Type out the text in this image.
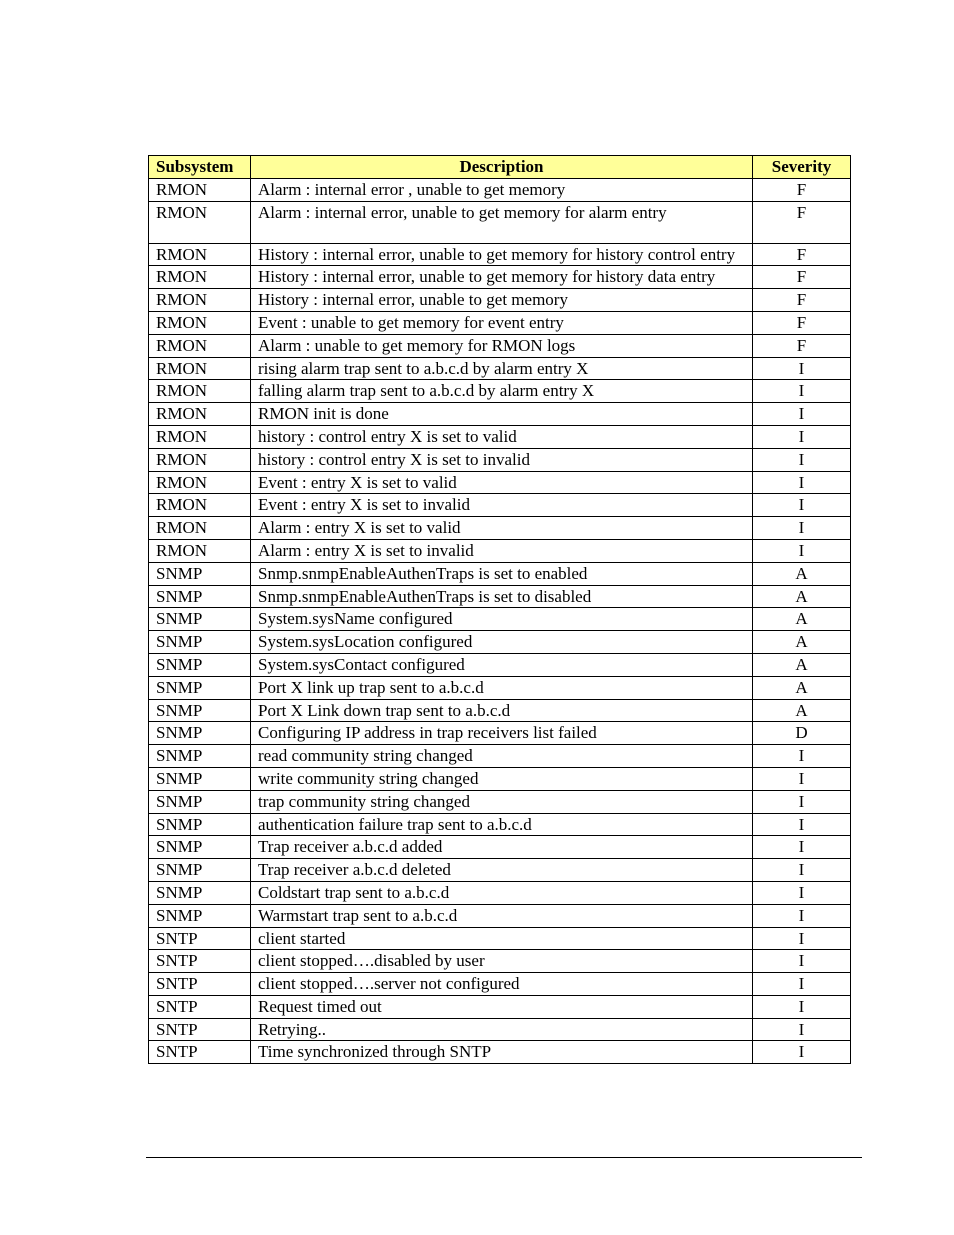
Subsystem	Description	Severity
RMON	Alarm : internal error , unable to get memory	F
RMON	Alarm : internal error, unable to get memory for alarm entry	F
RMON	History : internal error, unable to get memory for history control entry	F
RMON	History : internal error, unable to get memory for history data entry	F
RMON	History : internal error, unable to get memory	F
RMON	Event : unable to get memory for event entry	F
RMON	Alarm : unable to get memory for RMON logs	F
RMON	rising alarm trap sent to a.b.c.d by alarm entry X	I
RMON	falling alarm trap sent to a.b.c.d by alarm entry X	I
RMON	RMON init is done	I
RMON	history : control entry X is set to valid	I
RMON	history : control entry X is set to invalid	I
RMON	Event : entry X is set to valid	I
RMON	Event : entry X is set to invalid	I
RMON	Alarm : entry X is set to valid	I
RMON	Alarm : entry X is set to invalid	I
SNMP	Snmp.snmpEnableAuthenTraps is set to enabled	A
SNMP	Snmp.snmpEnableAuthenTraps is set to disabled	A
SNMP	System.sysName configured	A
SNMP	System.sysLocation configured	A
SNMP	System.sysContact configured	A
SNMP	Port X link up trap sent to a.b.c.d	A
SNMP	Port X Link down trap sent to a.b.c.d	A
SNMP	Configuring IP address in trap receivers list failed	D
SNMP	read community string changed	I
SNMP	write community string changed	I
SNMP	trap community string changed	I
SNMP	authentication failure trap sent to a.b.c.d	I
SNMP	Trap receiver a.b.c.d added	I
SNMP	Trap receiver a.b.c.d deleted	I
SNMP	Coldstart trap sent to a.b.c.d	I
SNMP	Warmstart trap sent to a.b.c.d	I
SNTP	client started	I
SNTP	client stopped….disabled by user	I
SNTP	client stopped….server not configured	I
SNTP	Request timed out	I
SNTP	Retrying..	I
SNTP	Time synchronized through SNTP	I
